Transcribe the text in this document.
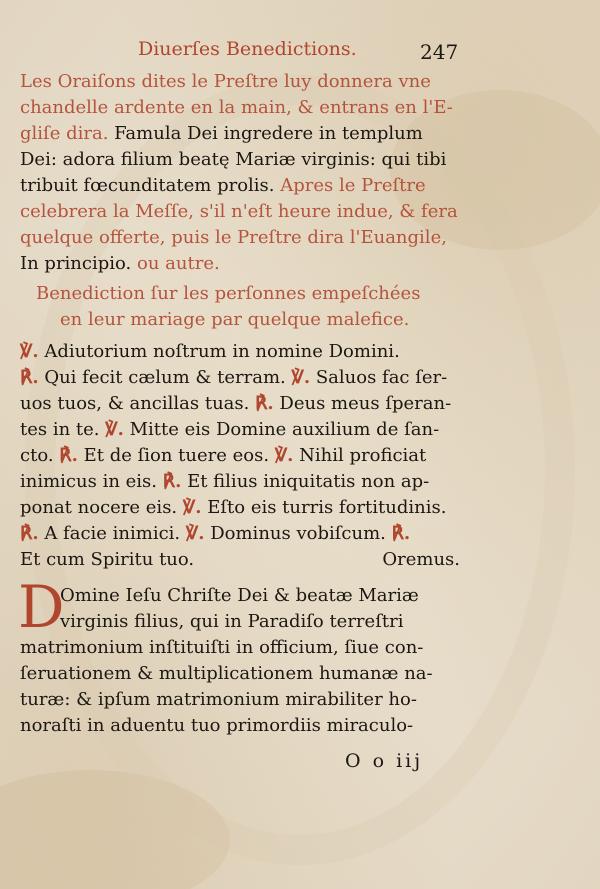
Diuerſes Benedictions.	247
Les Oraiſons dites le Preſtre luy donnera vne
chandelle ardente en la main, & entrans en l'E-
gliſe dira. Famula Dei ingredere in templum
Dei: adora filium beatę Mariæ virginis: qui tibi
tribuit fœcunditatem prolis. Apres le Preſtre
celebrera la Meſſe, s'il n'eſt heure indue, & fera
quelque offerte, puis le Preſtre dira l'Euangile,
In principio. ou autre.
Benediction ſur les perſonnes empeſchées
en leur mariage par quelque malefice.
℣. Adiutorium noſtrum in nomine Domini.
℟. Qui fecit cælum & terram. ℣. Saluos fac ſer-
uos tuos, & ancillas tuas. ℟. Deus meus ſperan-
tes in te. ℣. Mitte eis Domine auxilium de ſan-
cto. ℟. Et de ſion tuere eos. ℣. Nihil proficiat
inimicus in eis. ℟. Et filius iniquitatis non ap-
ponat nocere eis. ℣. Eſto eis turris fortitudinis.
℟. A facie inimici. ℣. Dominus vobiſcum. ℟.
Et cum Spiritu tuo.	Oremus.
D
Omine Ieſu Chriſte Dei & beatæ Mariæ
virginis filius, qui in Paradiſo terreſtri
matrimonium inſtituiſti in officium, ſiue con-
ſeruationem & multiplicationem humanæ na-
turæ: & ipſum matrimonium mirabiliter ho-
noraſti in aduentu tuo primordiis miraculo-
O o iij
